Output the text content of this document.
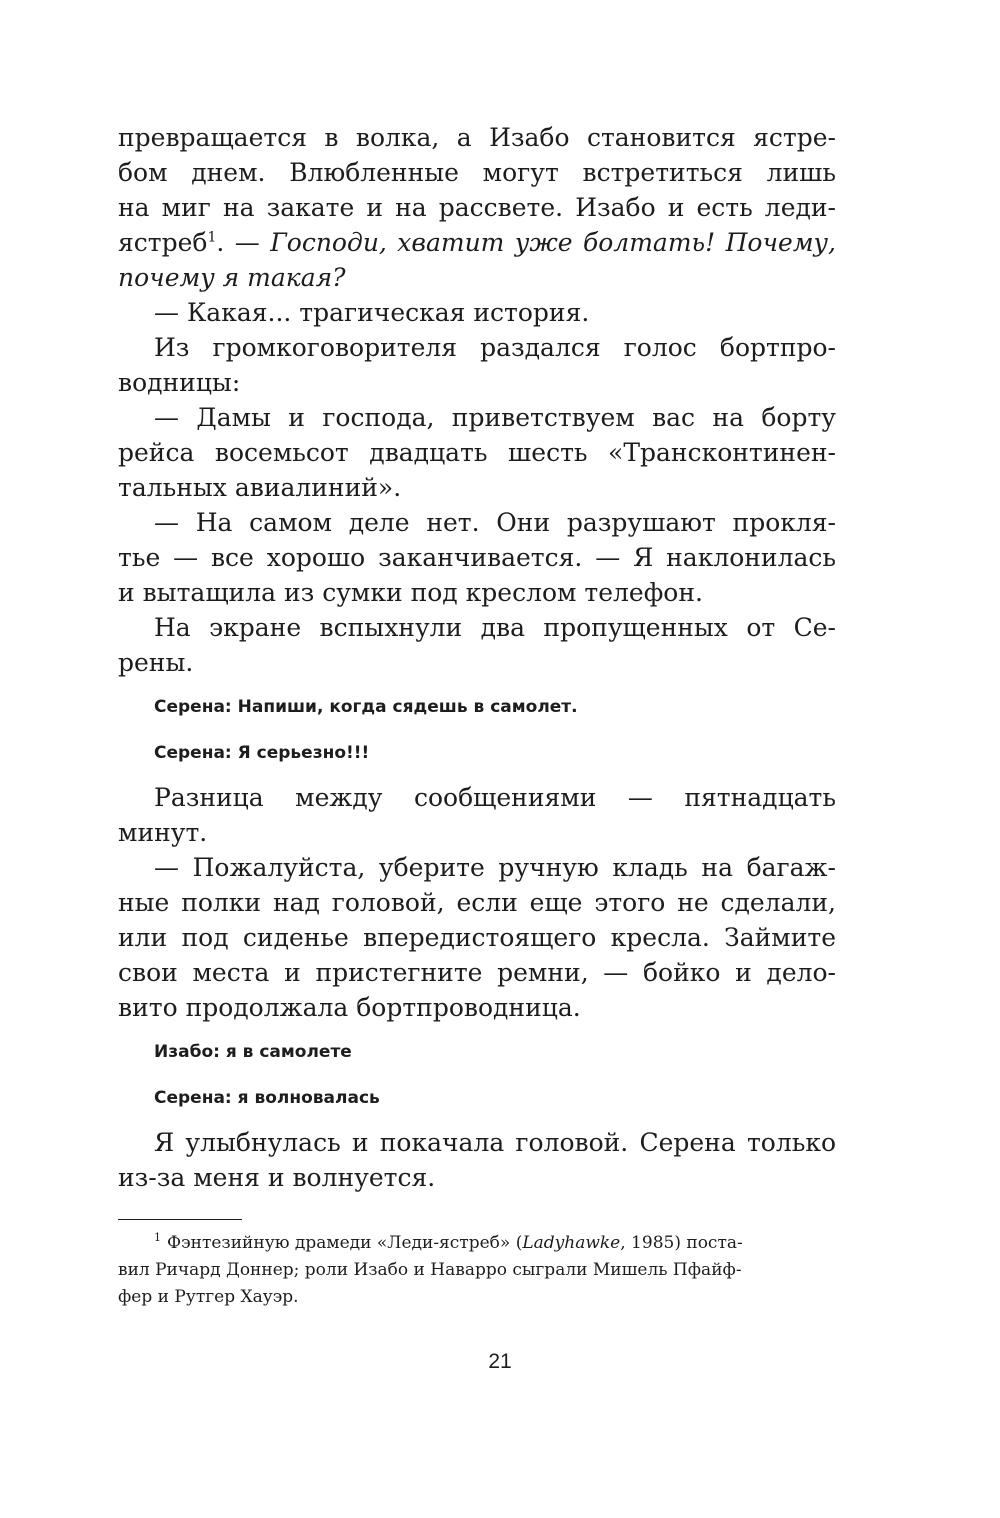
превращается в волка, а Изабо становится ястре-
бом днем. Влюбленные могут встретиться лишь
на миг на закате и на рассвете. Изабо и есть леди-
ястреб$^1$. — Господи, хватит уже болтать! Почему,
почему я такая?
— Какая... трагическая история.
Из громкоговорителя раздался голос бортпро-
водницы:
— Дамы и господа, приветствуем вас на борту
рейса восемьсот двадцать шесть «Трансконтинен-
тальных авиалиний».
— На самом деле нет. Они разрушают прокля-
тье — все хорошо заканчивается. — Я наклонилась
и вытащила из сумки под креслом телефон.
На экране вспыхнули два пропущенных от Се-
рены.
Серена: Напиши, когда сядешь в самолет.
Серена: Я серьезно!!!
Разница между сообщениями — пятнадцать
минут.
— Пожалуйста, уберите ручную кладь на багаж-
ные полки над головой, если еще этого не сделали,
или под сиденье впередистоящего кресла. Займите
свои места и пристегните ремни, — бойко и дело-
вито продолжала бортпроводница.
Изабо: я в самолете
Серена: я волновалась
Я улыбнулась и покачала головой. Серена только
из-за меня и волнуется.
$^1$ Фэнтезийную драмеди «Леди-ястреб» (Ladyhawke, 1985) поста-
вил Ричард Доннер; роли Изабо и Наварро сыграли Мишель Пфайф-
фер и Рутгер Хауэр.
21
